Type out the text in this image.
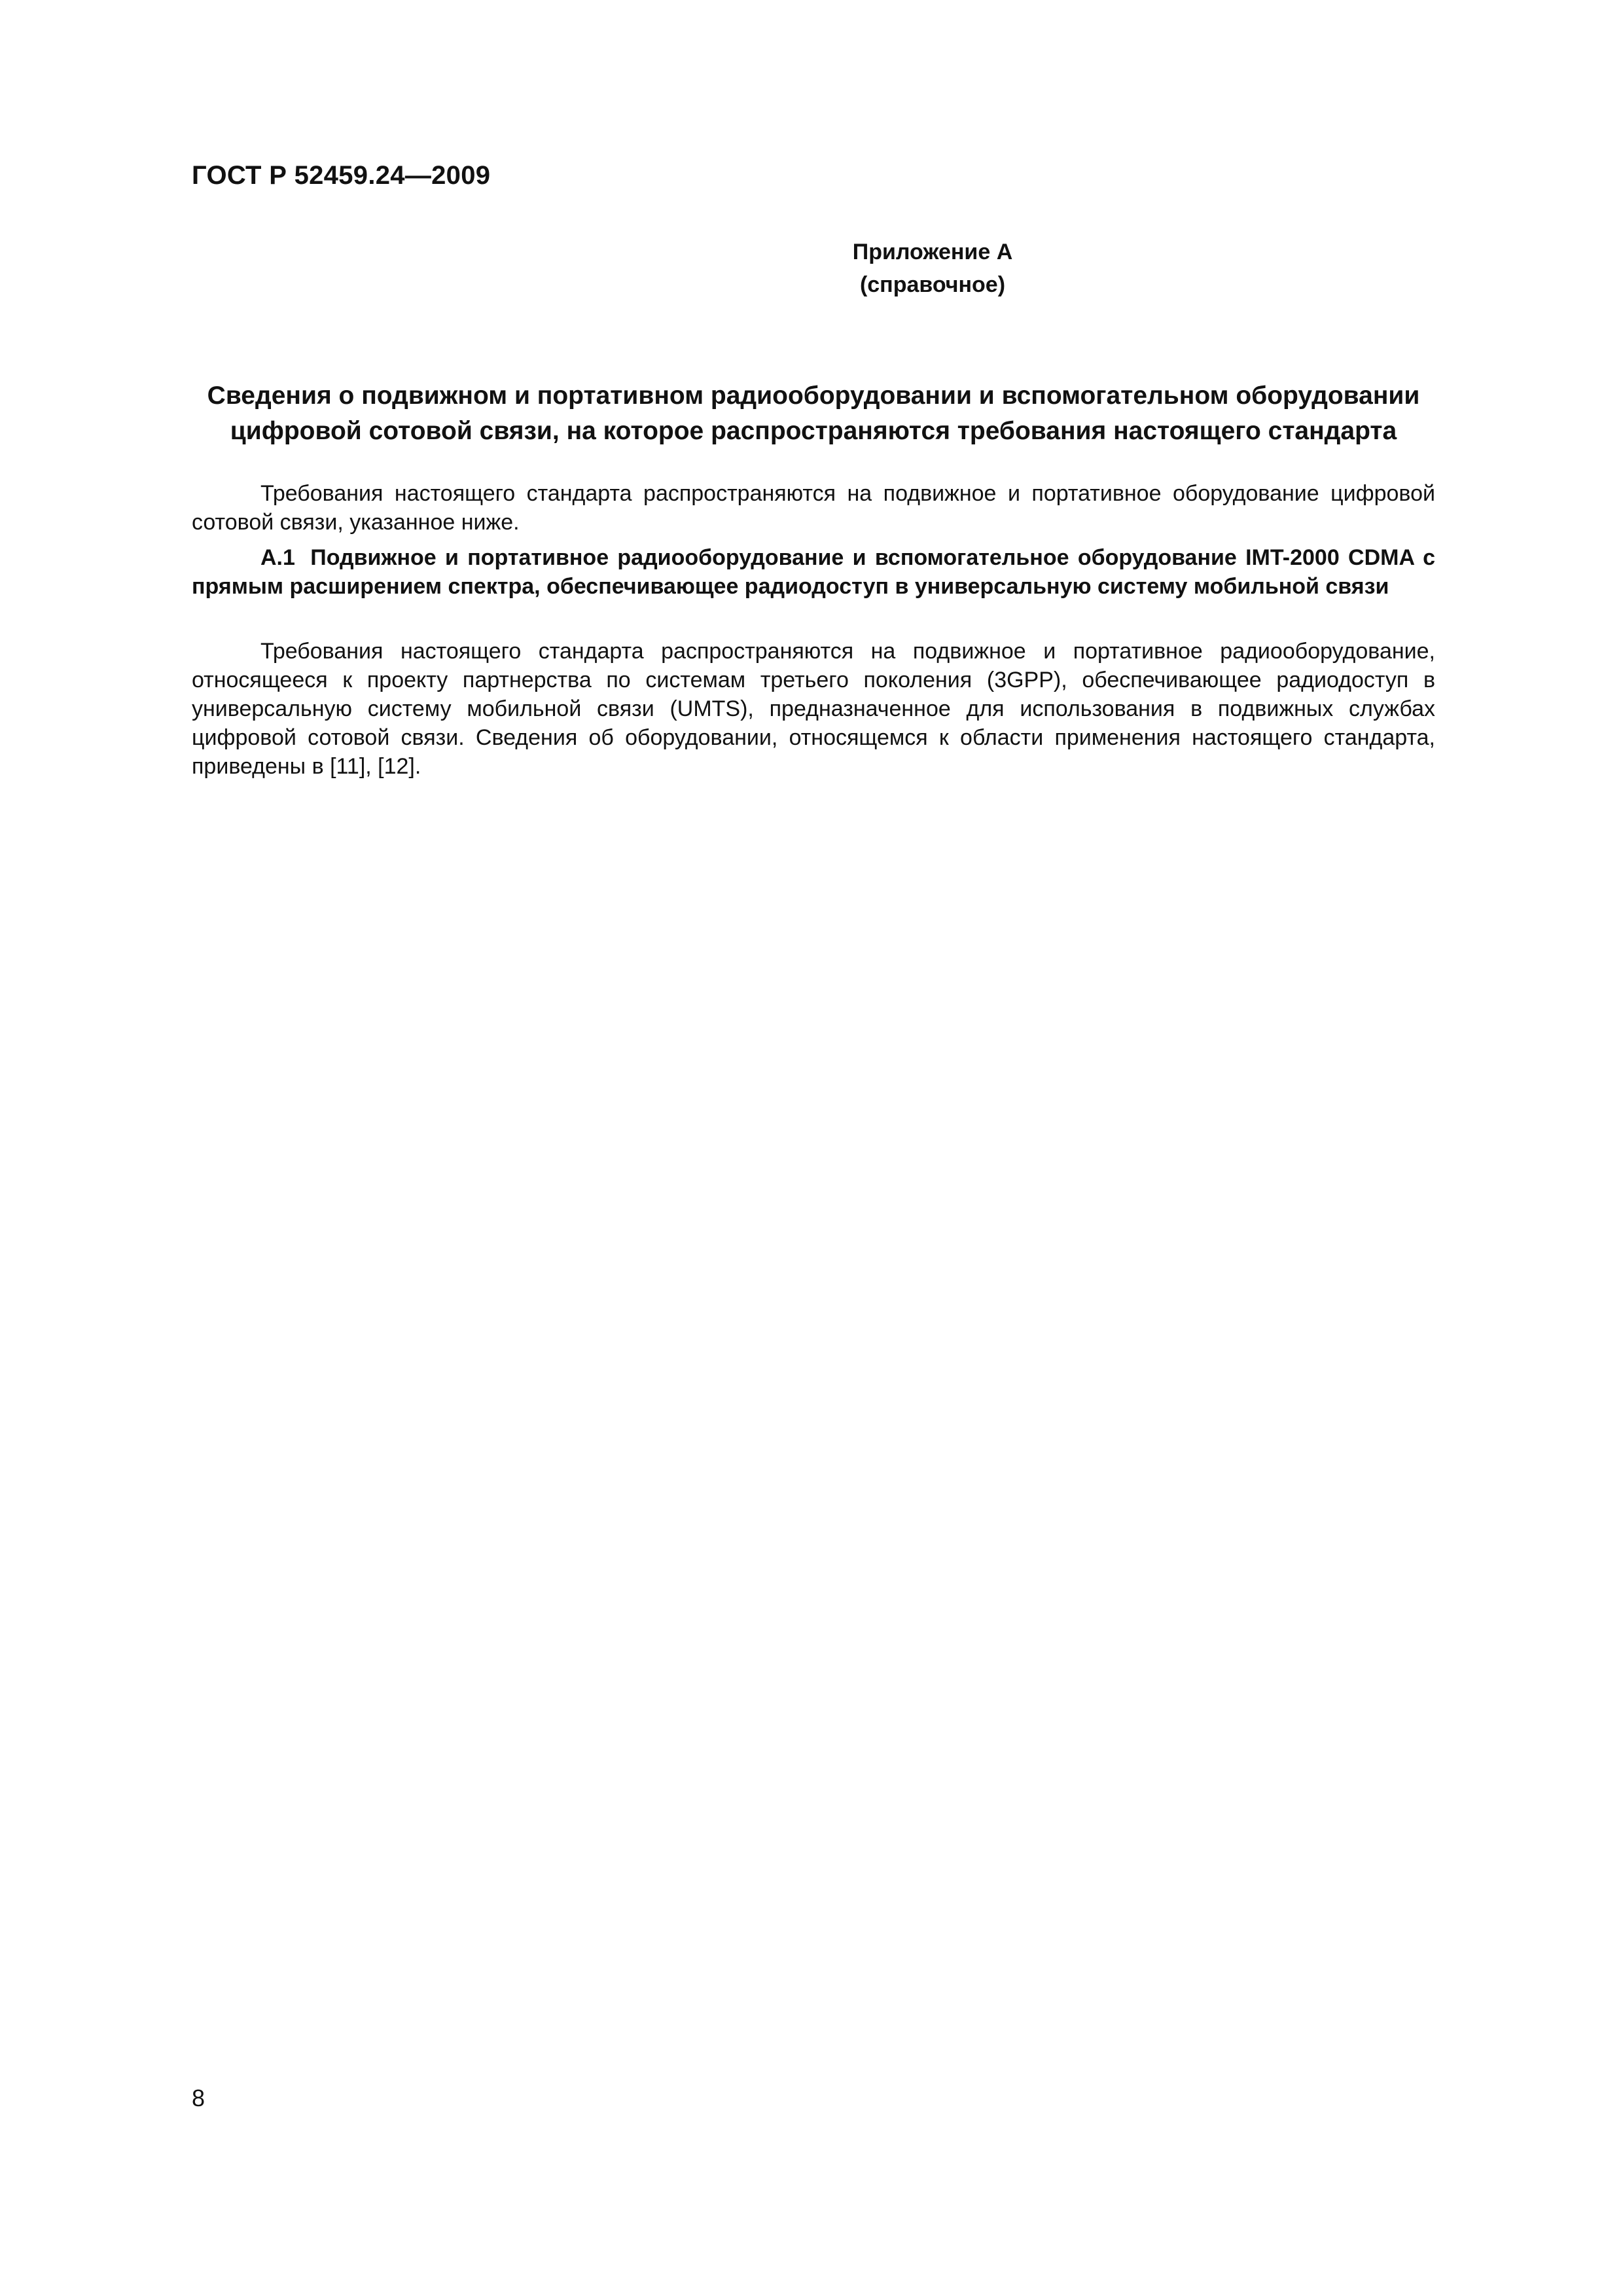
ГОСТ Р 52459.24—2009
Приложение А
(справочное)
Сведения о подвижном и портативном радиооборудовании и вспомогательном оборудовании цифровой сотовой связи, на которое распространяются требования настоящего стандарта

Требования настоящего стандарта распространяются на подвижное и портативное оборудование цифровой сотовой связи, указанное ниже.

А.1 Подвижное и портативное радиооборудование и вспомогательное оборудование IMT-2000 CDMA с прямым расширением спектра, обеспечивающее радиодоступ в универсальную систему мобильной связи

Требования настоящего стандарта распространяются на подвижное и портативное радиооборудование, относящееся к проекту партнерства по системам третьего поколения (3GPP), обеспечивающее радиодоступ в универсальную систему мобильной связи (UMTS), предназначенное для использования в подвижных службах цифровой сотовой связи. Сведения об оборудовании, относящемся к области применения настоящего стандарта, приведены в [11], [12].

8
